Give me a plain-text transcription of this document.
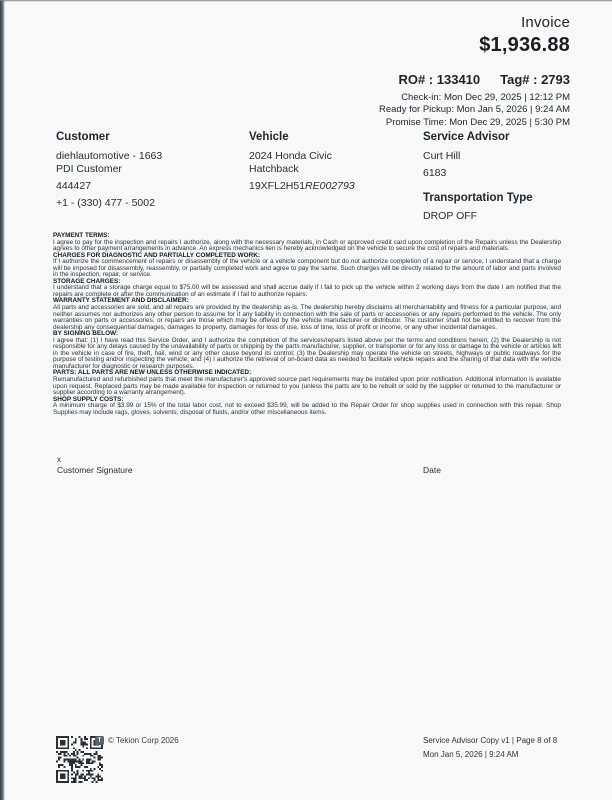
Invoice
$1,936.88
RO# : 133410 Tag# : 2793
Check-in: Mon Dec 29, 2025 | 12:12 PM
Ready for Pickup: Mon Jan 5, 2026 | 9:24 AM
Promise Time: Mon Dec 29, 2025 | 5:30 PM
Customer
diehlautomotive - 1663
PDI Customer
444427
+1 - (330) 477 - 5002
Vehicle
2024 Honda Civic
Hatchback
19XFL2H51RE002793
Service Advisor
Curt Hill
6183
Transportation Type
DROP OFF
PAYMENT TERMS:
I agree to pay for the inspection and repairs I authorize, along with the necessary materials, in Cash or approved credit card upon completion of the Repairs unless the Dealership agrees to other payment arrangements in advance. An express mechanics lien is hereby acknowledged on the vehicle to secure the cost of repairs and materials.
CHARGES FOR DIAGNOSTIC AND PARTIALLY COMPLETED WORK:
If I authorize the commencement of repairs or disassembly of the vehicle or a vehicle component but do not authorize completion of a repair or service, I understand that a charge will be imposed for disassembly, reassembly, or partially completed work and agree to pay the same. Such charges will be directly related to the amount of labor and parts involved in the inspection, repair, or service.
STORAGE CHARGES:
I understand that a storage charge equal to $75.00 will be assessed and shall accrue daily if I fail to pick up the vehicle within 2 working days from the date I am notified that the repairs are complete or after the communication of an estimate if I fail to authorize repairs.
WARRANTY STATEMENT AND DISCLAIMER:
All parts and accessories are sold, and all repairs are provided by the dealership as-is. The dealership hereby disclaims all merchantability and fitness for a particular purpose, and neither assumes nor authorizes any other person to assume for it any liability in connection with the sale of parts or accessories or any repairs performed to the vehicle. The only warranties on parts or accessories, or repairs are those which may be offered by the vehicle manufacturer or distributor. The customer shall not be entitled to recover from the dealership any consequential damages, damages to property, damages for loss of use, loss of time, loss of profit or income, or any other incidental damages.
BY SIGNING BELOW:
I agree that: (1) I have read this Service Order, and I authorize the completion of the services/repairs listed above per the terms and conditions herein; (2) the Dealership is not responsible for any delays caused by the unavailability of parts or shipping by the parts manufacturer, supplier, or transporter or for any loss or damage to the vehicle or articles left in the vehicle in case of fire, theft, hail, wind or any other cause beyond its control; (3) the Dealership may operate the vehicle on streets, highways or public roadways for the purpose of testing and/or inspecting the vehicle; and (4) I authorize the retrieval of on-board data as needed to facilitate vehicle repairs and the sharing of that data with the vehicle manufacturer for diagnostic or research purposes.
PARTS: ALL PARTS ARE NEW UNLESS OTHERWISE INDICATED:
Remanufactured and refurbished parts that meet the manufacturer's approved source part requirements may be installed upon prior notification. Additional information is available upon request. Replaced parts may be made available for inspection or returned to you (unless the parts are to be rebuilt or sold by the supplier or returned to the manufacturer or supplier according to a warranty arrangement).
SHOP SUPPLY COSTS:
A minimum charge of $3.99 or 15% of the total labor cost, not to exceed $35.99, will be added to the Repair Order for shop supplies used in connection with this repair. Shop Supplies may include rags, gloves, solvents, disposal of fluids, and/or other miscellaneous items.
x
Customer Signature	Date
T © Tekion Corp 2026	Service Advisor Copy v1 | Page 8 of 8
Mon Jan 5, 2026 | 9:24 AM
